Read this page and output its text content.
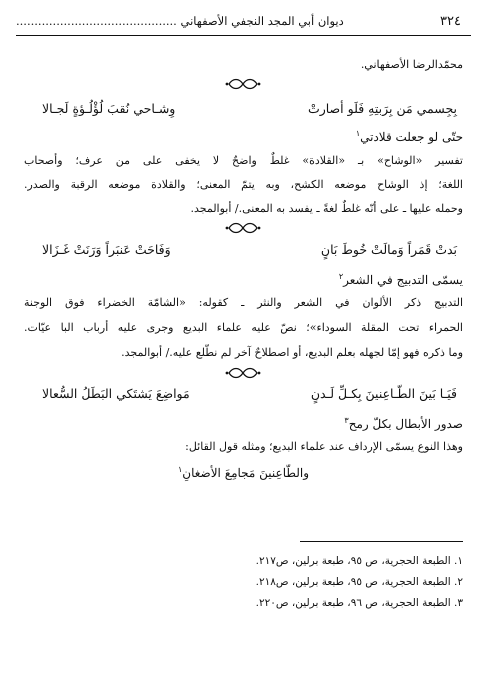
٣٢٤
ديوان أبي المجد النجفي الأصفهاني ............................................
محمّدالرضا الأصفهاني.
بِجِسمي مَن بِرَبتِهِ فَلَو أصارتْ
وِشـاحي نُقبَ لُؤْلُـؤةٍ لَجـالا
حتّى لو جعلت قلادتي$^١$
تفسير «الوشاح» بـ «القلادة» غلطٌ واضحٌ لا يخفى على من عرف؛ وأصحاب
اللغة؛ إذ الوشاح موضعه الكشح، وبه يتمّ المعنى؛ والقلادة موضعه الرقبة والصدر.
وحمله عليها ـ على أنّه غلطٌ لغةً ـ يفسد به المعنى./ أبوالمجد.
بَدتْ قَمَراً وَمالَتْ خُوطَ بَانٍ
وَفَاحَتْ عَنبَراً وَرَنَتْ غَـزَالا
يسمّى التدبيج في الشعر$^٢$
التدبيج ذكر الألوان في الشعر والنثر ـ كقوله: «الشامّة الخضراء فوق الوجنة
الحمراء تحت المقلة السوداء»؛ نصّ عليه علماء البديع وجرى عليه أرباب البا عيّات.
وما ذكره فهو إمّا لجهله بعلم البديع، أو اصطلاحٌ آخر لم نطّلع عليه./ أبوالمجد.
فَيَـا بَينَ الطّـاعِنينَ بِكـلِّ لَـدنٍ
مَواضِعَ يَشتَكي البَطَلُ السُّعالا
صدور الأبطال بكلّ رمح$^٣$
وهذا النوع يسمّى الإرداف عند علماء البديع؛ ومثله قول القائل:
والطّاعِنينَ مَجامِعَ الأضغانِ$^١$
١. الطبعة الحجرية، ص ٩٥، طبعة برلين، ص٢١٧.
٢. الطبعة الحجرية، ص ٩٥، طبعة برلين، ص٢١٨.
٣. الطبعة الحجرية، ص ٩٦، طبعة برلين، ص٢٢٠.
